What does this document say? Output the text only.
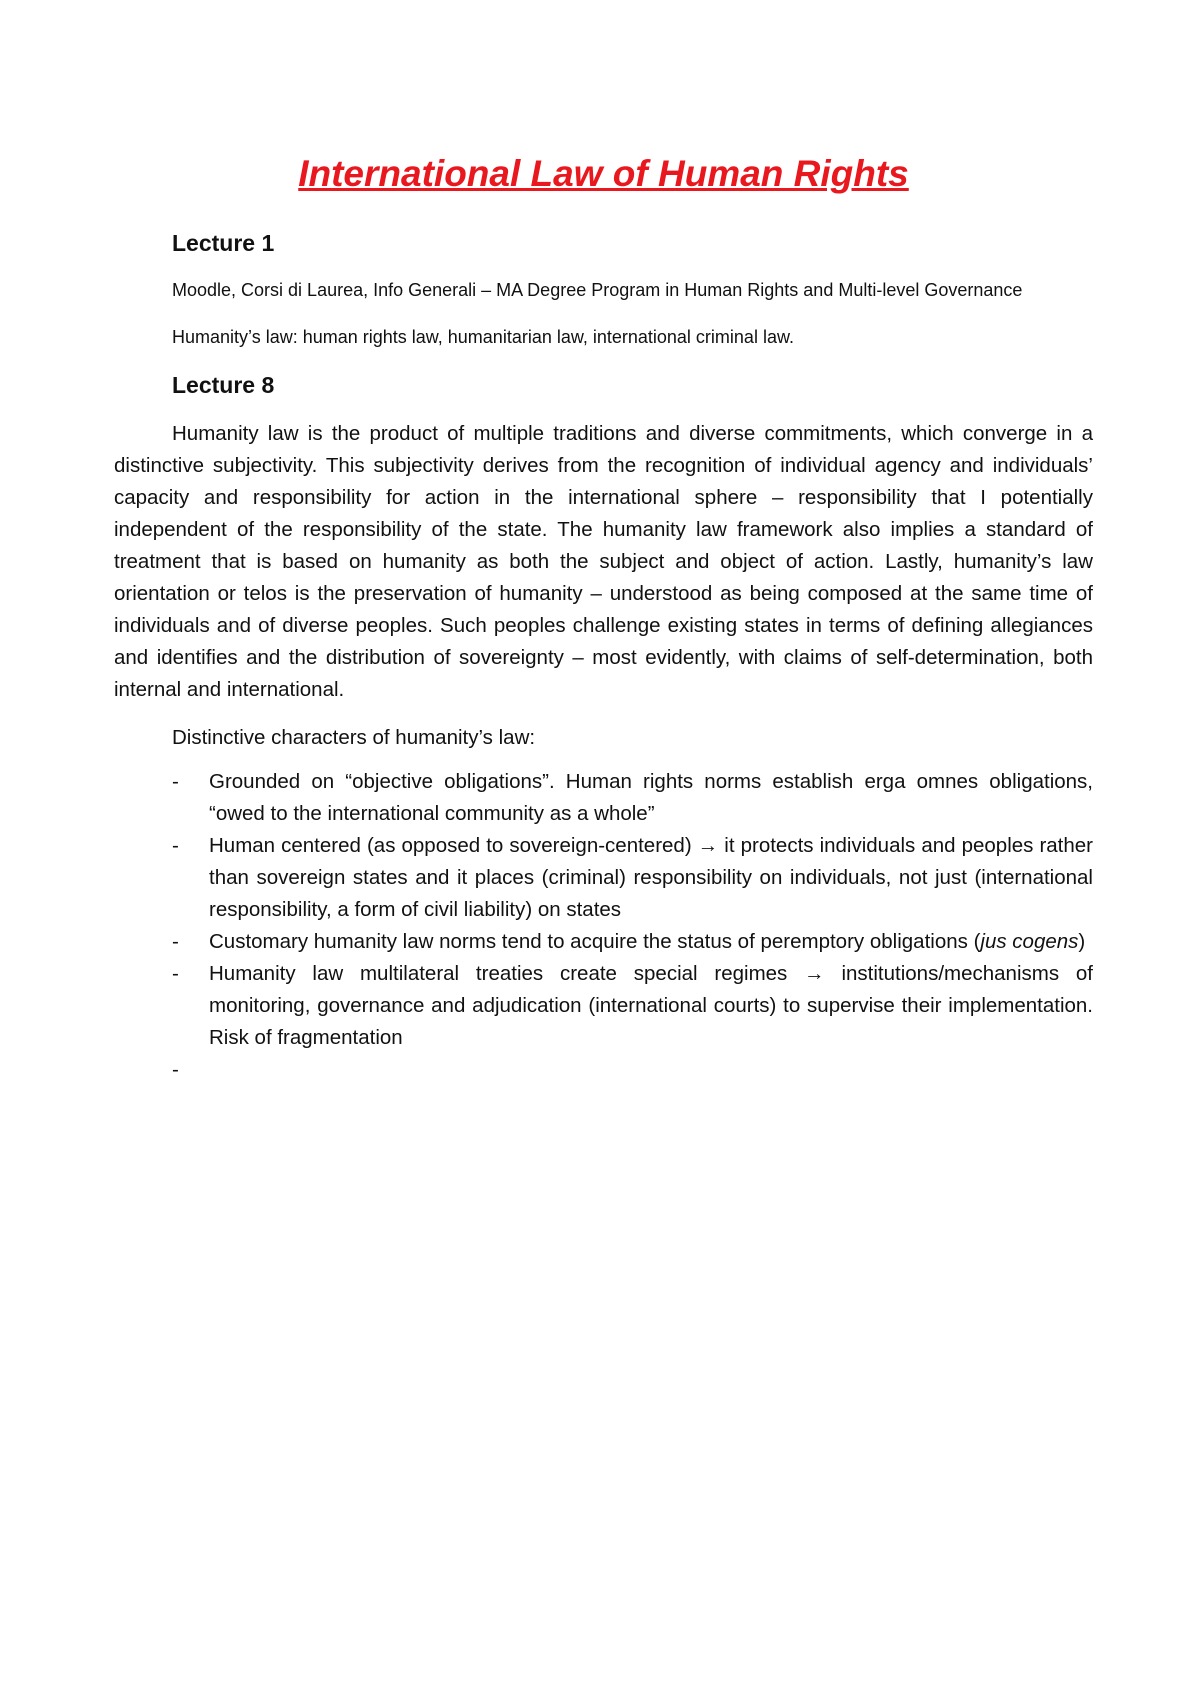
International Law of Human Rights
Lecture 1

Moodle, Corsi di Laurea, Info Generali – MA Degree Program in Human Rights and Multi-level Governance

Humanity’s law: human rights law, humanitarian law, international criminal law.

Lecture 8

Humanity law is the product of multiple traditions and diverse commitments, which converge in a distinctive subjectivity. This subjectivity derives from the recognition of individual agency and individuals’ capacity and responsibility for action in the international sphere – responsibility that I potentially independent of the responsibility of the state. The humanity law framework also implies a standard of treatment that is based on humanity as both the subject and object of action. Lastly, humanity’s law orientation or telos is the preservation of humanity – understood as being composed at the same time of individuals and of diverse peoples. Such peoples challenge existing states in terms of defining allegiances and identifies and the distribution of sovereignty – most evidently, with claims of self-determination, both internal and international.

Distinctive characters of humanity’s law:

- Grounded on “objective obligations”. Human rights norms establish erga omnes obligations, “owed to the international community as a whole”
- Human centered (as opposed to sovereign-centered) → it protects individuals and peoples rather than sovereign states and it places (criminal) responsibility on individuals, not just (international responsibility, a form of civil liability) on states
- Customary humanity law norms tend to acquire the status of peremptory obligations (jus cogens)
- Humanity law multilateral treaties create special regimes → institutions/mechanisms of monitoring, governance and adjudication (international courts) to supervise their implementation. Risk of fragmentation
-
